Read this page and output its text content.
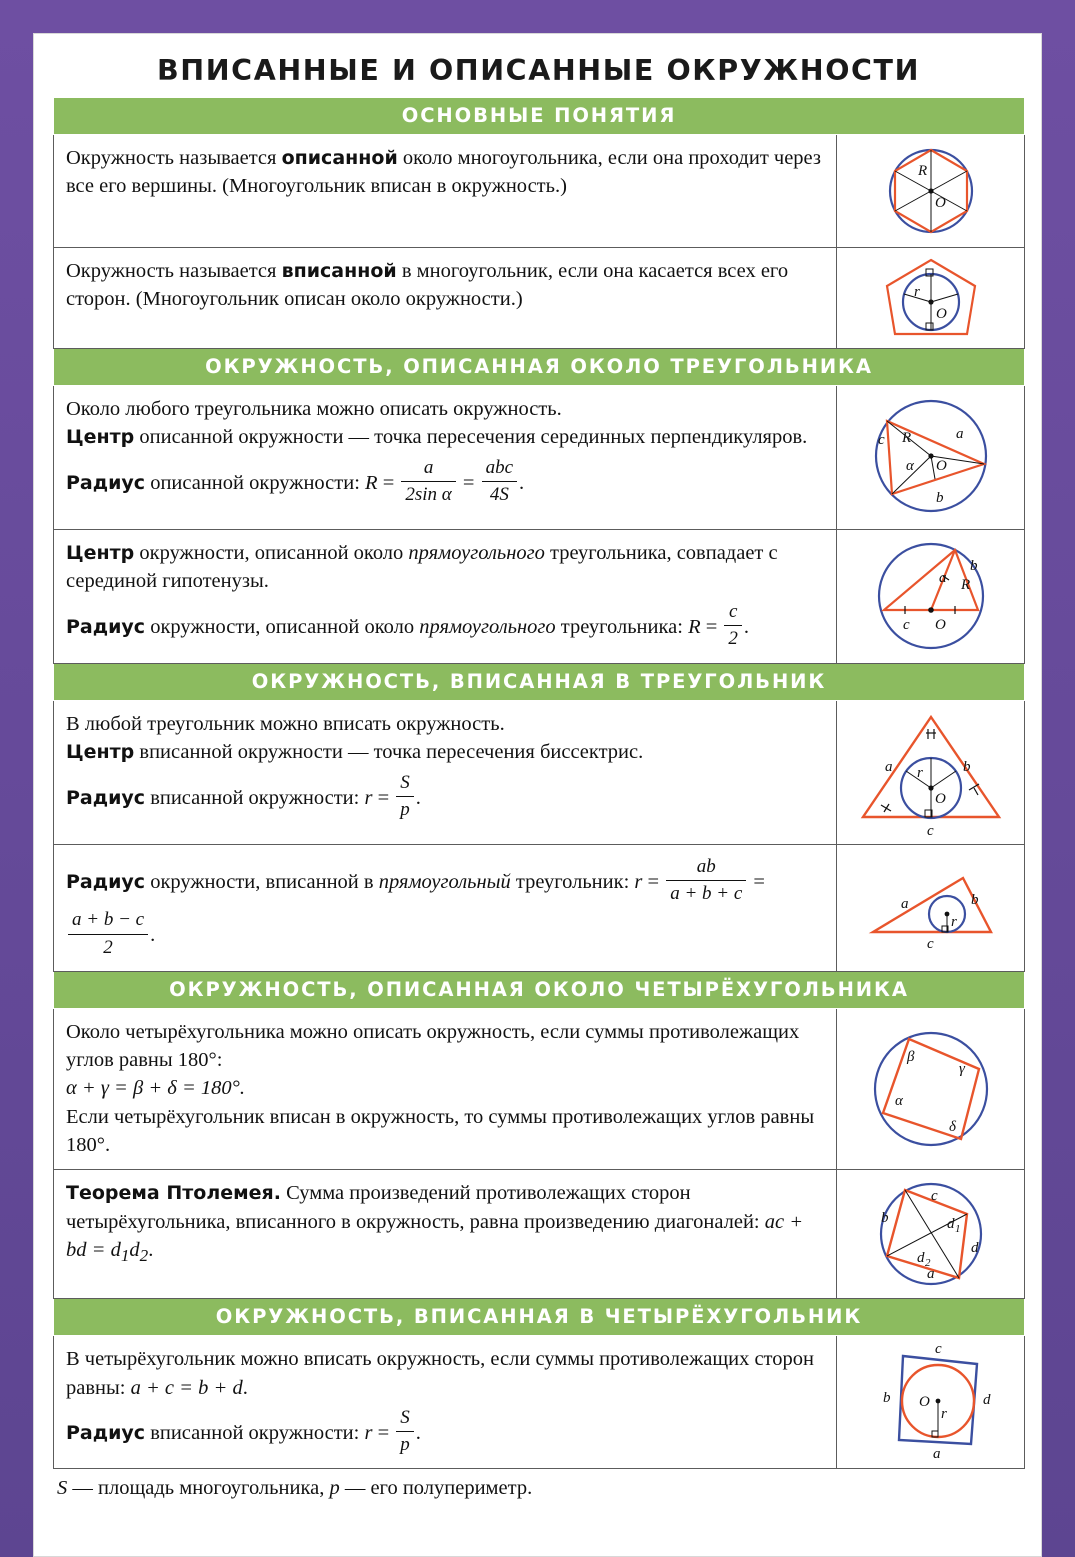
ВПИСАННЫЕ И ОПИСАННЫЕ ОКРУЖНОСТИ
ОСНОВНЫЕ ПОНЯТИЯ	
Окружность называется описанной около многоугольника, если она проходит через все его вершины. (Многоугольник вписан в окружность.)	R
O

Окружность называется вписанной в многоугольник, если она касается всех его сторон. (Многоугольник описан около окружности.)	r
O

ОКРУЖНОСТЬ, ОПИСАННАЯ ОКОЛО ТРЕУГОЛЬНИКА	

Около любого треугольника можно описать окружность.
Центр описанной окружности — точка пересечения серединных перпендикуляров.
Радиус описанной окружности: $R = \frac{a}{\text{2sin α}} = \frac{\text{abc}}{4S}$ .

c R	a
α O
b

Центр окружности, описанной около прямоугольного треугольника, совпадает с серединой гипотенузы.
Радиус окружности, описанной около прямоугольного треугольника: $R = \frac{c}{2}$ .

a R
b
c O

ОКРУЖНОСТЬ, ВПИСАННАЯ В ТРЕУГОЛЬНИК	

В любой треугольник можно вписать окружность.
Центр вписанной окружности — точка пересечения биссектрис.
Радиус вписанной окружности: $r = \frac{S}{p}$ .

a r	b
O
c

Радиус окружности, вписанной в прямоугольный треугольник: $r = \frac{ab}{a + b + c}$ =
$\frac{a + b - c}{2}$ .

a	b
r
c

ОКРУЖНОСТЬ, ОПИСАННАЯ ОКОЛО ЧЕТЫРЁХУГОЛЬНИКА	

Около четырёхугольника можно описать окружность, если суммы противолежащих углов равны 180°:
α + γ = β + δ = 180°.
Если четырёхугольник вписан в окружность, то суммы противолежащих углов равны 180°.

β
γ
α
δ

Теорема Птолемея. Сумма произведений противолежащих сторон четырёхугольника, вписанного в окружность, равна произведению диагоналей: ac + bd = $d_1d_2$.

c
b	d 1
d 2
d
a

ОКРУЖНОСТЬ, ВПИСАННАЯ В ЧЕТЫРЁХУГОЛЬНИК	

В четырёхугольник можно вписать окружность, если суммы противолежащих сторон равны: a + c = b + d.
Радиус вписанной окружности: $r = \frac{S}{p}$ .

c
b O
r
d
a
S — площадь многоугольника, p — его полупериметр.
